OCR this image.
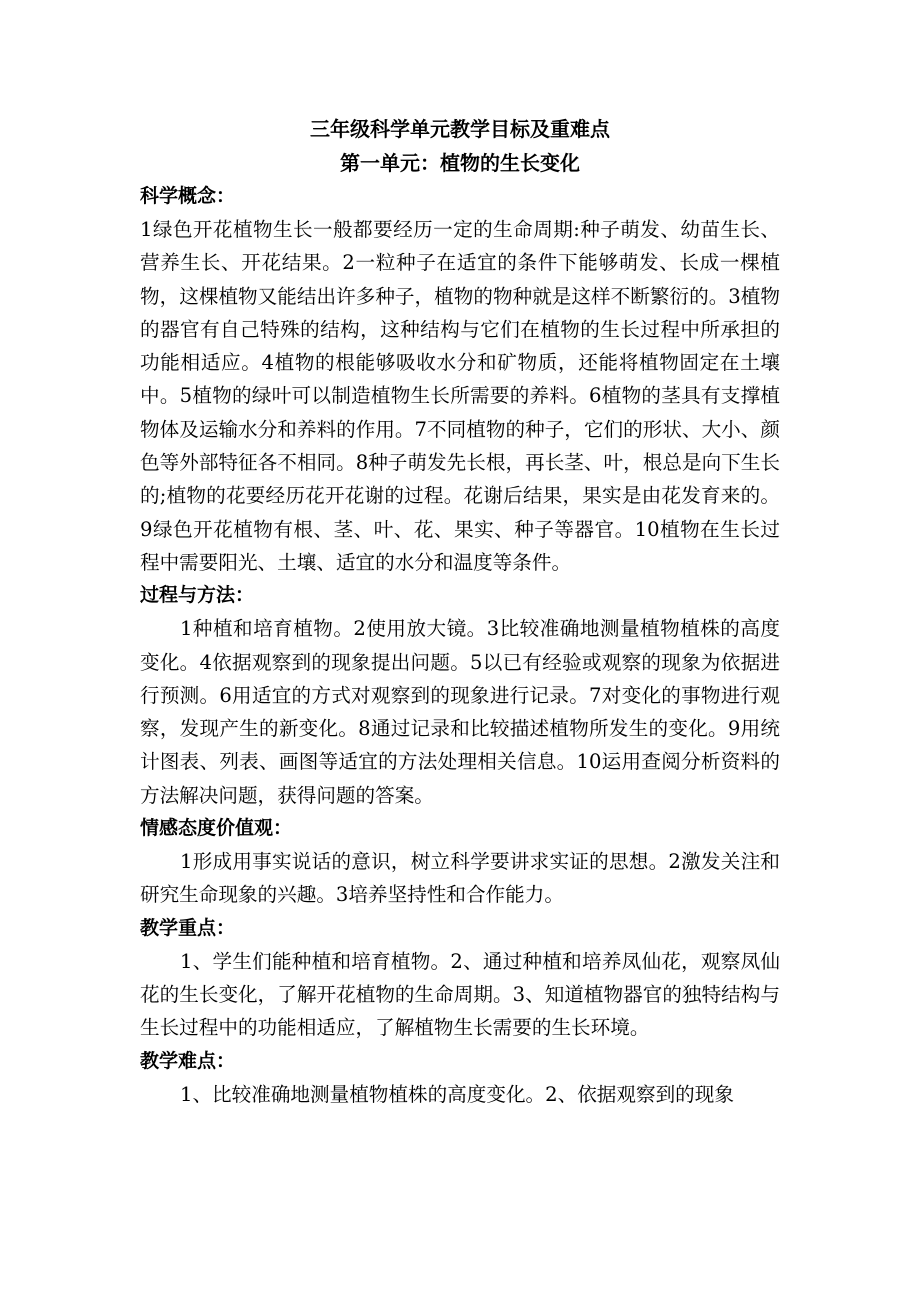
三年级科学单元教学目标及重难点

第一单元：植物的生长变化

科学概念：

1绿色开花植物生长一般都要经历一定的生命周期:种子萌发、幼苗生长、营养生长、开花结果。2一粒种子在适宜的条件下能够萌发、长成一棵植物，这棵植物又能结出许多种子，植物的物种就是这样不断繁衍的。3植物的器官有自己特殊的结构，这种结构与它们在植物的生长过程中所承担的功能相适应。4植物的根能够吸收水分和矿物质，还能将植物固定在土壤中。5植物的绿叶可以制造植物生长所需要的养料。6植物的茎具有支撑植物体及运输水分和养料的作用。7不同植物的种子，它们的形状、大小、颜色等外部特征各不相同。8种子萌发先长根，再长茎、叶，根总是向下生长的;植物的花要经历花开花谢的过程。花谢后结果，果实是由花发育来的。9绿色开花植物有根、茎、叶、花、果实、种子等器官。10植物在生长过程中需要阳光、土壤、适宜的水分和温度等条件。

过程与方法：

1种植和培育植物。2使用放大镜。3比较准确地测量植物植株的高度变化。4依据观察到的现象提出问题。5以已有经验或观察的现象为依据进行预测。6用适宜的方式对观察到的现象进行记录。7对变化的事物进行观察，发现产生的新变化。8通过记录和比较描述植物所发生的变化。9用统计图表、列表、画图等适宜的方法处理相关信息。10运用查阅分析资料的方法解决问题，获得问题的答案。

情感态度价值观：

1形成用事实说话的意识，树立科学要讲求实证的思想。2激发关注和研究生命现象的兴趣。3培养坚持性和合作能力。

教学重点：

1、学生们能种植和培育植物。2、通过种植和培养凤仙花，观察凤仙花的生长变化，了解开花植物的生命周期。3、知道植物器官的独特结构与生长过程中的功能相适应，了解植物生长需要的生长环境。

教学难点：

1、比较准确地测量植物植株的高度变化。2、依据观察到的现象
